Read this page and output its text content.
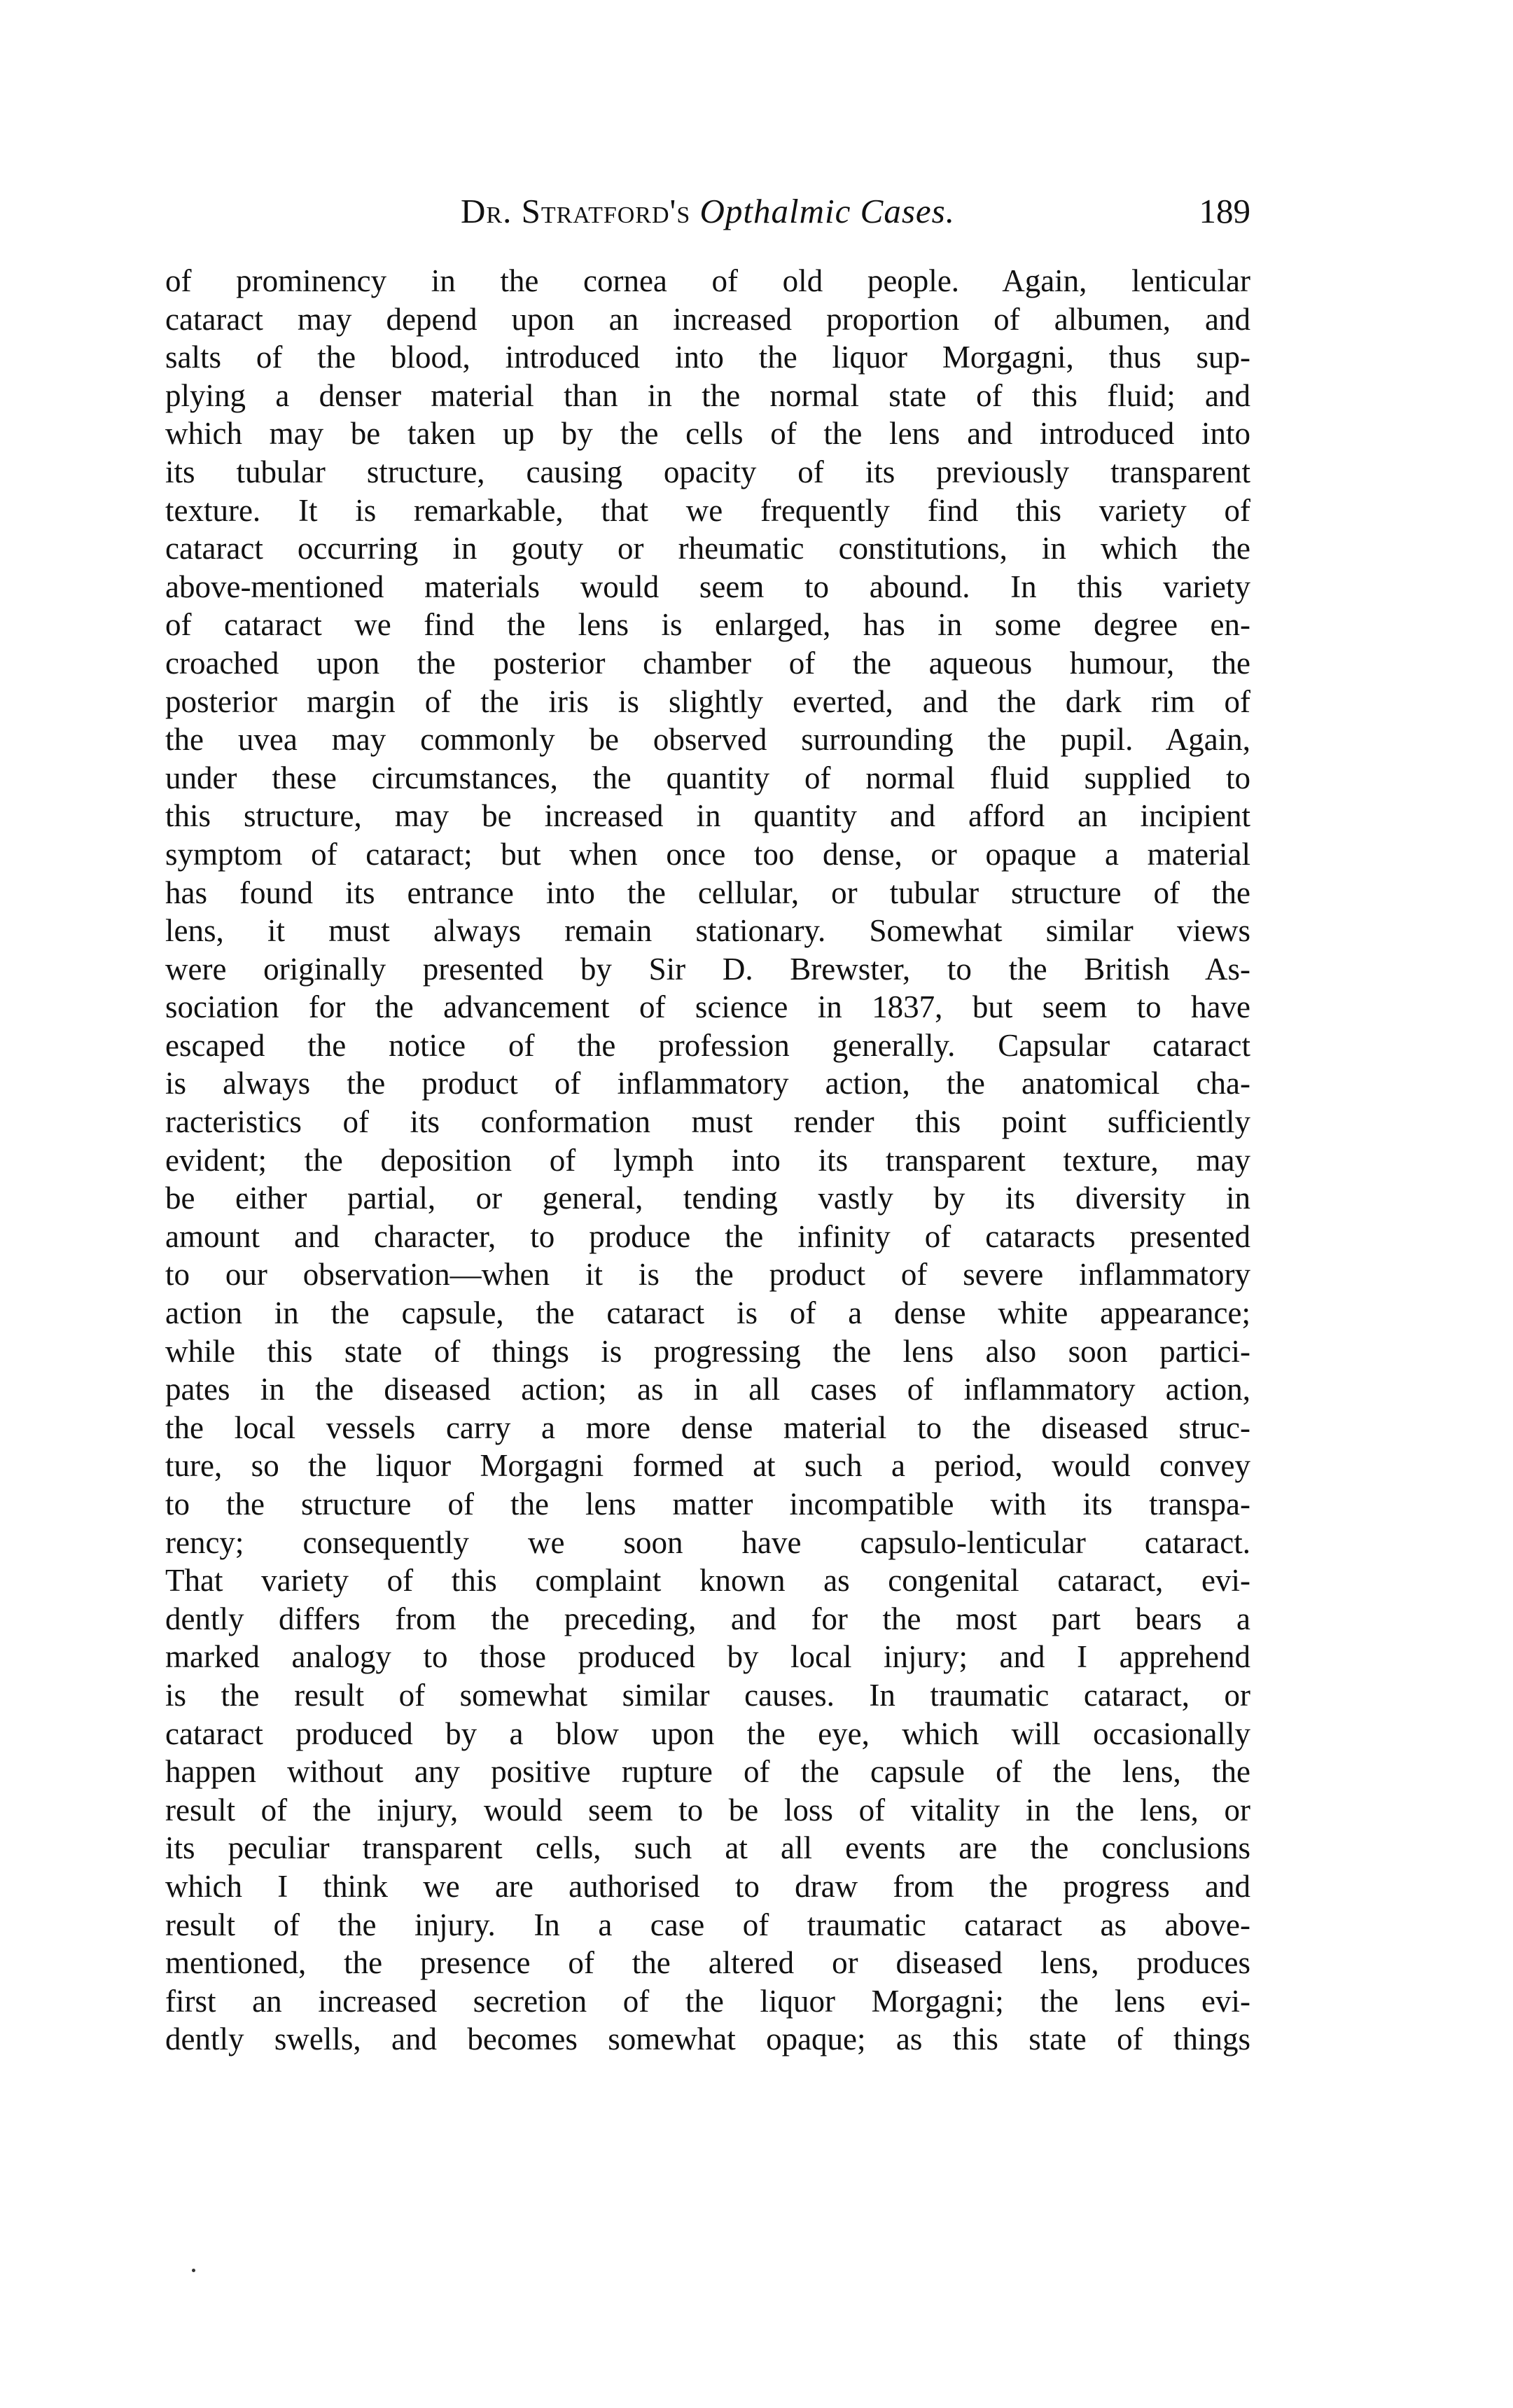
Dr. Stratford's Opthalmic Cases.	189
of prominency in the cornea of old people. Again, lenticular
cataract may depend upon an increased proportion of albumen, and
salts of the blood, introduced into the liquor Morgagni, thus sup-
plying a denser material than in the normal state of this fluid; and
which may be taken up by the cells of the lens and introduced into
its tubular structure, causing opacity of its previously transparent
texture. It is remarkable, that we frequently find this variety of
cataract occurring in gouty or rheumatic constitutions, in which the
above-mentioned materials would seem to abound. In this variety
of cataract we find the lens is enlarged, has in some degree en-
croached upon the posterior chamber of the aqueous humour, the
posterior margin of the iris is slightly everted, and the dark rim of
the uvea may commonly be observed surrounding the pupil. Again,
under these circumstances, the quantity of normal fluid supplied to
this structure, may be increased in quantity and afford an incipient
symptom of cataract; but when once too dense, or opaque a material
has found its entrance into the cellular, or tubular structure of the
lens, it must always remain stationary. Somewhat similar views
were originally presented by Sir D. Brewster, to the British As-
sociation for the advancement of science in 1837, but seem to have
escaped the notice of the profession generally. Capsular cataract
is always the product of inflammatory action, the anatomical cha-
racteristics of its conformation must render this point sufficiently
evident; the deposition of lymph into its transparent texture, may
be either partial, or general, tending vastly by its diversity in
amount and character, to produce the infinity of cataracts presented
to our observation—when it is the product of severe inflammatory
action in the capsule, the cataract is of a dense white appearance;
while this state of things is progressing the lens also soon partici-
pates in the diseased action; as in all cases of inflammatory action,
the local vessels carry a more dense material to the diseased struc-
ture, so the liquor Morgagni formed at such a period, would convey
to the structure of the lens matter incompatible with its transpa-
rency; consequently we soon have capsulo-lenticular cataract.
That variety of this complaint known as congenital cataract, evi-
dently differs from the preceding, and for the most part bears a
marked analogy to those produced by local injury; and I apprehend
is the result of somewhat similar causes. In traumatic cataract, or
cataract produced by a blow upon the eye, which will occasionally
happen without any positive rupture of the capsule of the lens, the
result of the injury, would seem to be loss of vitality in the lens, or
its peculiar transparent cells, such at all events are the conclusions
which I think we are authorised to draw from the progress and
result of the injury. In a case of traumatic cataract as above-
mentioned, the presence of the altered or diseased lens, produces
first an increased secretion of the liquor Morgagni; the lens evi-
dently swells, and becomes somewhat opaque; as this state of things
